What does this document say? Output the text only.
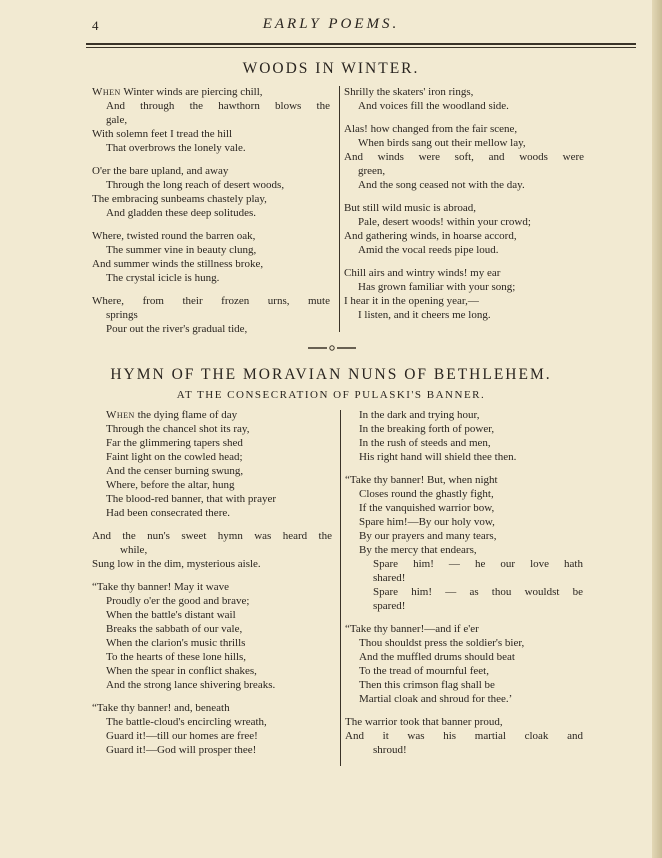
4	EARLY POEMS.
WOODS IN WINTER.
When Winter winds are piercing chill,
And through the hawthorn blows the
gale,
With solemn feet I tread the hill
That overbrows the lonely vale.
O'er the bare upland, and away
Through the long reach of desert woods,
The embracing sunbeams chastely play,
And gladden these deep solitudes.
Where, twisted round the barren oak,
The summer vine in beauty clung,
And summer winds the stillness broke,
The crystal icicle is hung.
Where, from their frozen urns, mute
springs
Pour out the river's gradual tide,
Shrilly the skaters' iron rings,
And voices fill the woodland side.
Alas! how changed from the fair scene,
When birds sang out their mellow lay,
And winds were soft, and woods were
green,
And the song ceased not with the day.
But still wild music is abroad,
Pale, desert woods! within your crowd;
And gathering winds, in hoarse accord,
Amid the vocal reeds pipe loud.
Chill airs and wintry winds! my ear
Has grown familiar with your song;
I hear it in the opening year,—
I listen, and it cheers me long.
HYMN OF THE MORAVIAN NUNS OF BETHLEHEM.
AT THE CONSECRATION OF PULASKI'S BANNER.
When the dying flame of day
Through the chancel shot its ray,
Far the glimmering tapers shed
Faint light on the cowled head;
And the censer burning swung,
Where, before the altar, hung
The blood-red banner, that with prayer
Had been consecrated there.
And the nun's sweet hymn was heard the
while,
Sung low in the dim, mysterious aisle.
“Take thy banner! May it wave
Proudly o'er the good and brave;
When the battle's distant wail
Breaks the sabbath of our vale,
When the clarion's music thrills
To the hearts of these lone hills,
When the spear in conflict shakes,
And the strong lance shivering breaks.
“Take thy banner! and, beneath
The battle-cloud's encircling wreath,
Guard it!—till our homes are free!
Guard it!—God will prosper thee!
In the dark and trying hour,
In the breaking forth of power,
In the rush of steeds and men,
His right hand will shield thee then.
“Take thy banner! But, when night
Closes round the ghastly fight,
If the vanquished warrior bow,
Spare him!—By our holy vow,
By our prayers and many tears,
By the mercy that endears,
Spare him! — he our love hath
shared!
Spare him! — as thou wouldst be
spared!
“Take thy banner!—and if e'er
Thou shouldst press the soldier's bier,
And the muffled drums should beat
To the tread of mournful feet,
Then this crimson flag shall be
Martial cloak and shroud for thee.’
The warrior took that banner proud,
And it was his martial cloak and
shroud!
